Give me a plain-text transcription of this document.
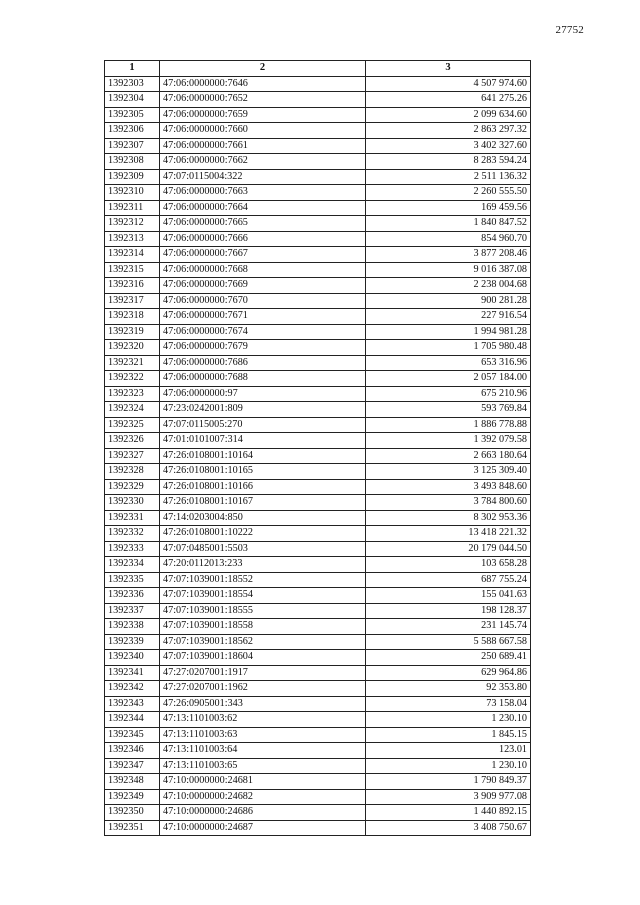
27752
1	2	3
1392303	47:06:0000000:7646	4 507 974.60
1392304	47:06:0000000:7652	641 275.26
1392305	47:06:0000000:7659	2 099 634.60
1392306	47:06:0000000:7660	2 863 297.32
1392307	47:06:0000000:7661	3 402 327.60
1392308	47:06:0000000:7662	8 283 594.24
1392309	47:07:0115004:322	2 511 136.32
1392310	47:06:0000000:7663	2 260 555.50
1392311	47:06:0000000:7664	169 459.56
1392312	47:06:0000000:7665	1 840 847.52
1392313	47:06:0000000:7666	854 960.70
1392314	47:06:0000000:7667	3 877 208.46
1392315	47:06:0000000:7668	9 016 387.08
1392316	47:06:0000000:7669	2 238 004.68
1392317	47:06:0000000:7670	900 281.28
1392318	47:06:0000000:7671	227 916.54
1392319	47:06:0000000:7674	1 994 981.28
1392320	47:06:0000000:7679	1 705 980.48
1392321	47:06:0000000:7686	653 316.96
1392322	47:06:0000000:7688	2 057 184.00
1392323	47:06:0000000:97	675 210.96
1392324	47:23:0242001:809	593 769.84
1392325	47:07:0115005:270	1 886 778.88
1392326	47:01:0101007:314	1 392 079.58
1392327	47:26:0108001:10164	2 663 180.64
1392328	47:26:0108001:10165	3 125 309.40
1392329	47:26:0108001:10166	3 493 848.60
1392330	47:26:0108001:10167	3 784 800.60
1392331	47:14:0203004:850	8 302 953.36
1392332	47:26:0108001:10222	13 418 221.32
1392333	47:07:0485001:5503	20 179 044.50
1392334	47:20:0112013:233	103 658.28
1392335	47:07:1039001:18552	687 755.24
1392336	47:07:1039001:18554	155 041.63
1392337	47:07:1039001:18555	198 128.37
1392338	47:07:1039001:18558	231 145.74
1392339	47:07:1039001:18562	5 588 667.58
1392340	47:07:1039001:18604	250 689.41
1392341	47:27:0207001:1917	629 964.86
1392342	47:27:0207001:1962	92 353.80
1392343	47:26:0905001:343	73 158.04
1392344	47:13:1101003:62	1 230.10
1392345	47:13:1101003:63	1 845.15
1392346	47:13:1101003:64	123.01
1392347	47:13:1101003:65	1 230.10
1392348	47:10:0000000:24681	1 790 849.37
1392349	47:10:0000000:24682	3 909 977.08
1392350	47:10:0000000:24686	1 440 892.15
1392351	47:10:0000000:24687	3 408 750.67
